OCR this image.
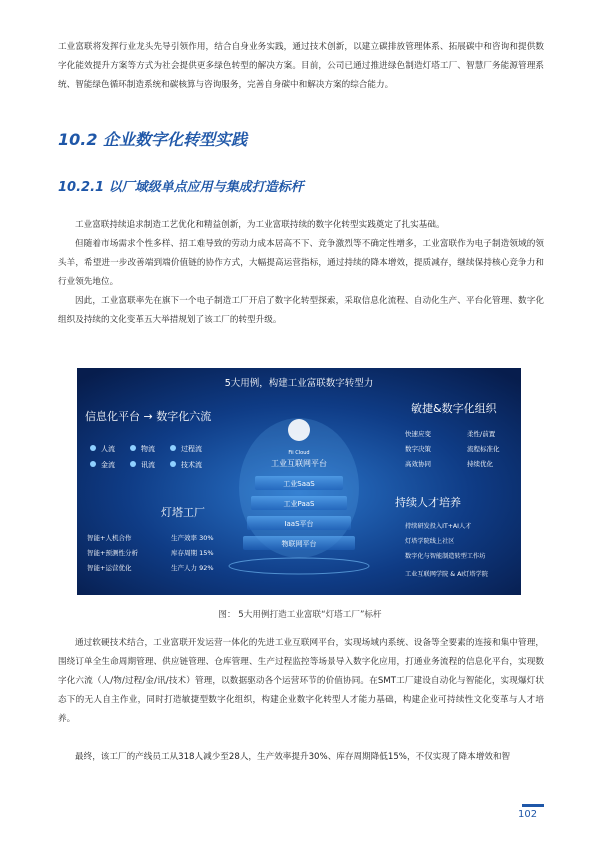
工业富联将发挥行业龙头先导引领作用，结合自身业务实践，通过技术创新，以建立碳排放管理体系、拓展碳中和咨询和提供数字化能效提升方案等方式为社会提供更多绿色转型的解决方案。目前，公司已通过推进绿色制造灯塔工厂、智慧厂务能源管理系统、智能绿色循环制造系统和碳核算与咨询服务，完善自身碳中和解决方案的综合能力。

10.2 企业数字化转型实践
10.2.1 以厂域级单点应用与集成打造标杆

工业富联持续追求制造工艺优化和精益创新，为工业富联持续的数字化转型实践奠定了扎实基础。

但随着市场需求个性多样、招工难导致的劳动力成本居高不下、竞争激烈等不确定性增多，工业富联作为电子制造领域的领头羊，希望进一步改善端到端价值链的协作方式，大幅提高运营指标，通过持续的降本增效，提质减存，继续保持核心竞争力和行业领先地位。

因此，工业富联率先在旗下一个电子制造工厂开启了数字化转型探索，采取信息化流程、自动化生产、平台化管理、数字化组织及持续的文化变革五大举措规划了该工厂的转型升级。

5大用例，构建工业富联数字转型力
信息化平台 → 数字化六流
人流	物流	过程流
金流	讯流	技术流
灯塔工厂
智能+人机合作
智能+预测性分析
智能+运营优化
生产效率 30%
库存周期 15%
生产人力 92%
Fii Cloud
工业互联网平台
工业SaaS
工业PaaS
IaaS平台
物联网平台
敏捷&数字化组织
快速应变	柔性/前置
数字决策	流程标准化
高效协同	持续优化
持续人才培养
持续研发投入IT+AI人才
灯塔学院线上社区
数字化与智能制造转型工作坊
工业互联网学院 & AI灯塔学院

图： 5大用例打造工业富联“灯塔工厂”标杆

通过软硬技术结合，工业富联开发运营一体化的先进工业互联网平台，实现场域内系统、设备等全要素的连接和集中管理，围绕订单全生命周期管理、供应链管理、仓库管理、生产过程监控等场景导入数字化应用，打通业务流程的信息化平台，实现数字化六流（人/物/过程/金/讯/技术）管理，以数据驱动各个运营环节的价值协同。在SMT工厂建设自动化与智能化，实现爆灯状态下的无人自主作业，同时打造敏捷型数字化组织，构建企业数字化转型人才能力基础，构建企业可持续性文化变革与人才培养。

最终，该工厂的产线员工从318人减少至28人，生产效率提升30%、库存周期降低15%，不仅实现了降本增效和智

102
